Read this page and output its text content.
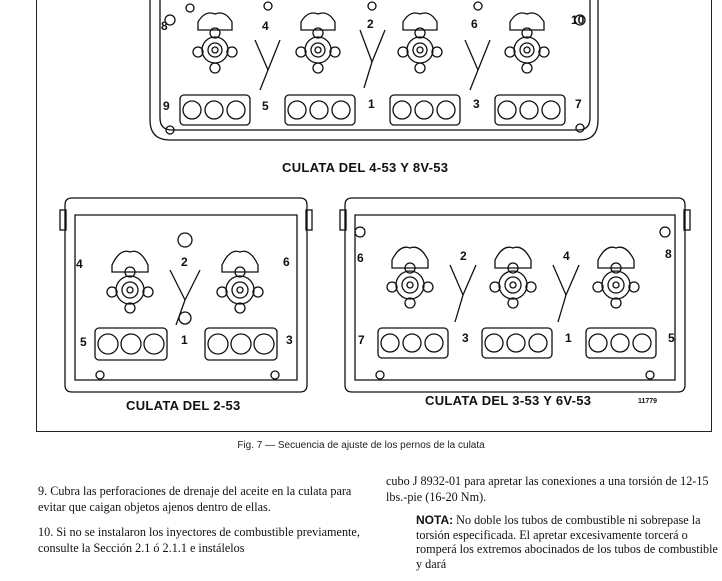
8	4	2	6	10
9	5	1	3	7
4	2	6
5	1	3
6	2	4	8
7	3	1	5
CULATA DEL 4-53 Y 8V-53
CULATA DEL 2-53	CULATA DEL 3-53 Y 6V-53	11779
Fig. 7 — Secuencia de ajuste de los pernos de la culata

9. Cubra las perforaciones de drenaje del aceite en la culata para evitar que caigan objetos ajenos dentro de ellas.

10. Si no se instalaron los inyectores de combustible previamente, consulte la Sección 2.1 ó 2.1.1 e instálelos

cubo J 8932-01 para apretar las conexiones a una torsión de 12-15 lbs.-pie (16-20 Nm).

NOTA: No doble los tubos de combustible ni sobrepase la torsión especificada. El apretar excesivamente torcerá o romperá los extremos abocinados de los tubos de combustible y dará
